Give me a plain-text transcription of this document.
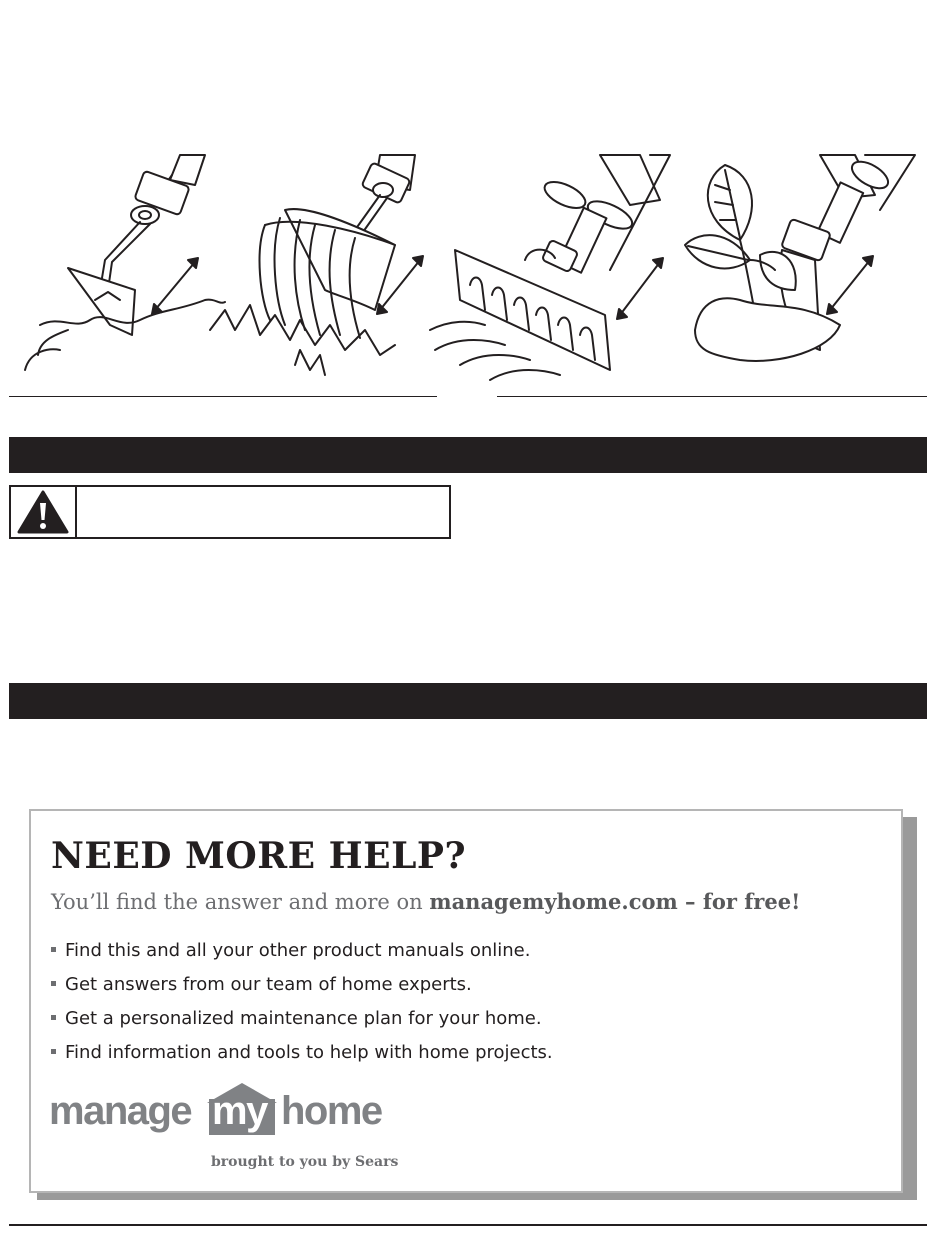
NEED MORE HELP?

You’ll find the answer and more on managemyhome.com – for free!

Find this and all your other product manuals online.
Get answers from our team of home experts.
Get a personalized maintenance plan for your home.
Find information and tools to help with home projects.
manage my home

brought to you by Sears
